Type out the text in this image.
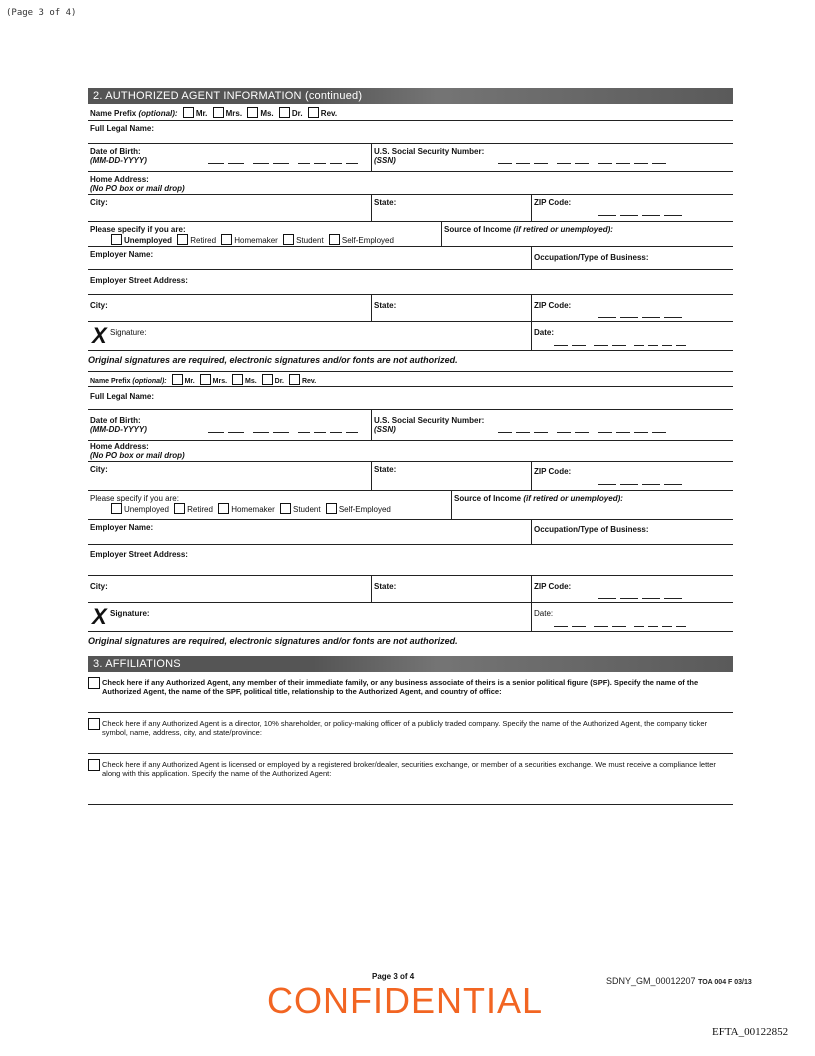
(Page 3 of 4)
2. AUTHORIZED AGENT INFORMATION (continued)
Name Prefix (optional): Mr. Mrs. Ms. Dr. Rev.
Full Legal Name:
Date of Birth:
(MM-DD-YYYY)
U.S. Social Security Number:
(SSN)
Home Address:
(No PO box or mail drop)
City:	State:	ZIP Code:
Please specify if you are:
Unemployed Retired Homemaker Student Self-Employed
Source of Income (if retired or unemployed):
Employer Name:	Occupation/Type of Business:
Employer Street Address:
City:	State:	ZIP Code:
X Signature:	Date:
Original signatures are required, electronic signatures and/or fonts are not authorized.
Name Prefix (optional):	Mr.	Mrs.	Ms.	Dr.	Rev.
Full Legal Name:
Date of Birth:
(MM-DD-YYYY)
U.S. Social Security Number:
(SSN)
Home Address:
(No PO box or mail drop)
City:	State:	ZIP Code:
Please specify if you are:
Unemployed Retired Homemaker Student Self-Employed
Source of Income (if retired or unemployed):
Employer Name:	Occupation/Type of Business:
Employer Street Address:
City:	State:	ZIP Code:
X Signature:	Date:
Original signatures are required, electronic signatures and/or fonts are not authorized.
3. AFFILIATIONS
Check here if any Authorized Agent, any member of their immediate family, or any business associate of theirs is a senior political figure (SPF). Specify the name of the Authorized Agent, the name of the SPF, political title, relationship to the Authorized Agent, and country of office:
Check here if any Authorized Agent is a director, 10% shareholder, or policy-making officer of a publicly traded company. Specify the name of the Authorized Agent, the company ticker symbol, name, address, city, and state/province:
Check here if any Authorized Agent is licensed or employed by a registered broker/dealer, securities exchange, or member of a securities exchange. We must receive a compliance letter along with this application. Specify the name of the Authorized Agent:
Page 3 of 4
CONFIDENTIAL	SDNY_GM_00012207 TOA 004 F 03/13
EFTA_00122852
